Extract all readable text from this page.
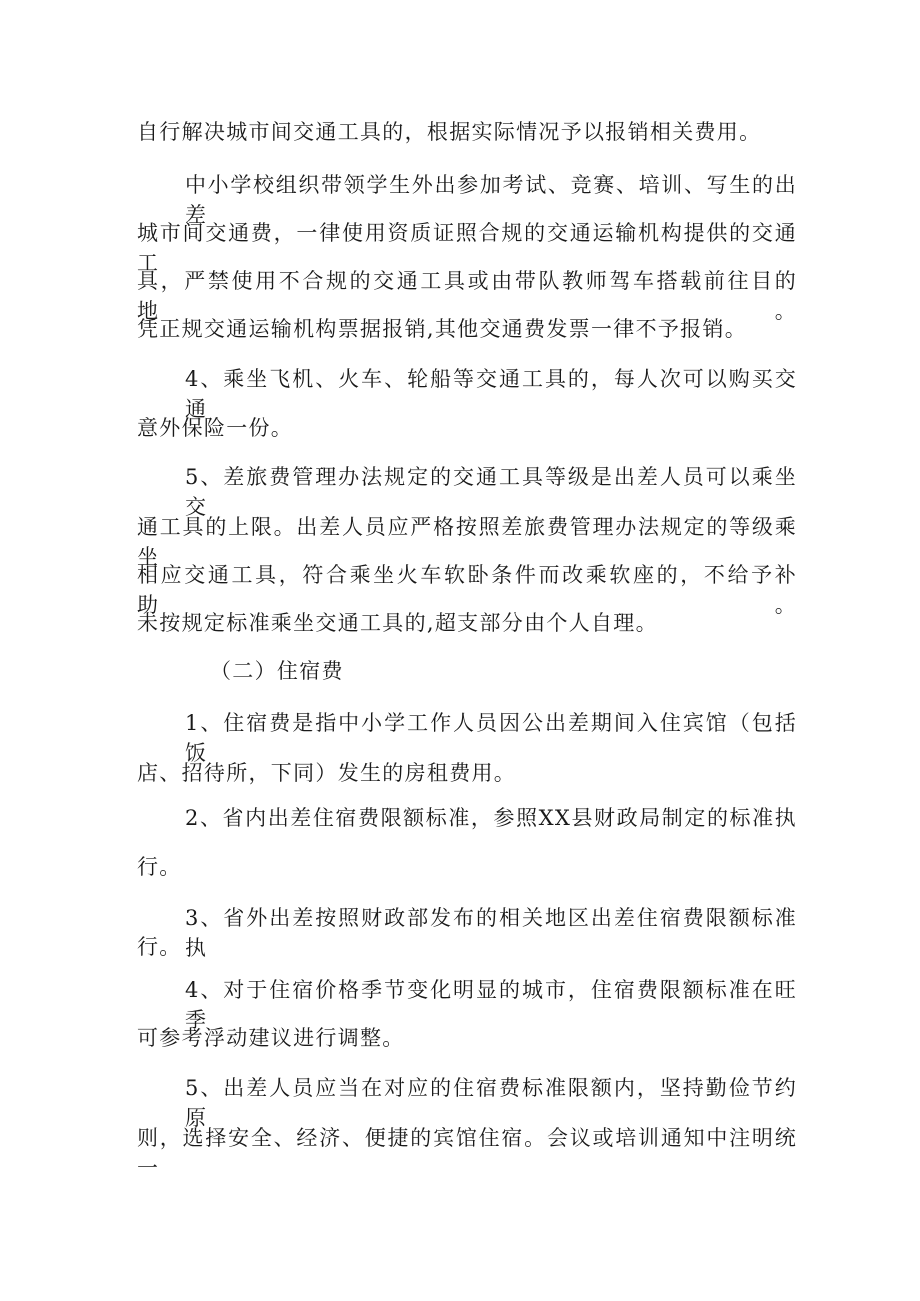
自行解决城市间交通工具的，根据实际情况予以报销相关费用。
中小学校组织带领学生外出参加考试、竞赛、培训、写生的出差
城市间交通费，一律使用资质证照合规的交通运输机构提供的交通工
具，严禁使用不合规的交通工具或由带队教师驾车搭载前往目的地。
凭正规交通运输机构票据报销,其他交通费发票一律不予报销。
4、乘坐飞机、火车、轮船等交通工具的，每人次可以购买交通
意外保险一份。
5、差旅费管理办法规定的交通工具等级是出差人员可以乘坐交
通工具的上限。出差人员应严格按照差旅费管理办法规定的等级乘坐
相应交通工具，符合乘坐火车软卧条件而改乘软座的，不给予补助。
未按规定标准乘坐交通工具的,超支部分由个人自理。
（二）住宿费
1、住宿费是指中小学工作人员因公出差期间入住宾馆（包括饭
店、招待所，下同）发生的房租费用。
2、省内出差住宿费限额标准，参照XX县财政局制定的标准执
行。
3、省外出差按照财政部发布的相关地区出差住宿费限额标准执
行。
4、对于住宿价格季节变化明显的城市，住宿费限额标准在旺季
可参考浮动建议进行调整。
5、出差人员应当在对应的住宿费标准限额内，坚持勤俭节约原
则，选择安全、经济、便捷的宾馆住宿。会议或培训通知中注明统一
